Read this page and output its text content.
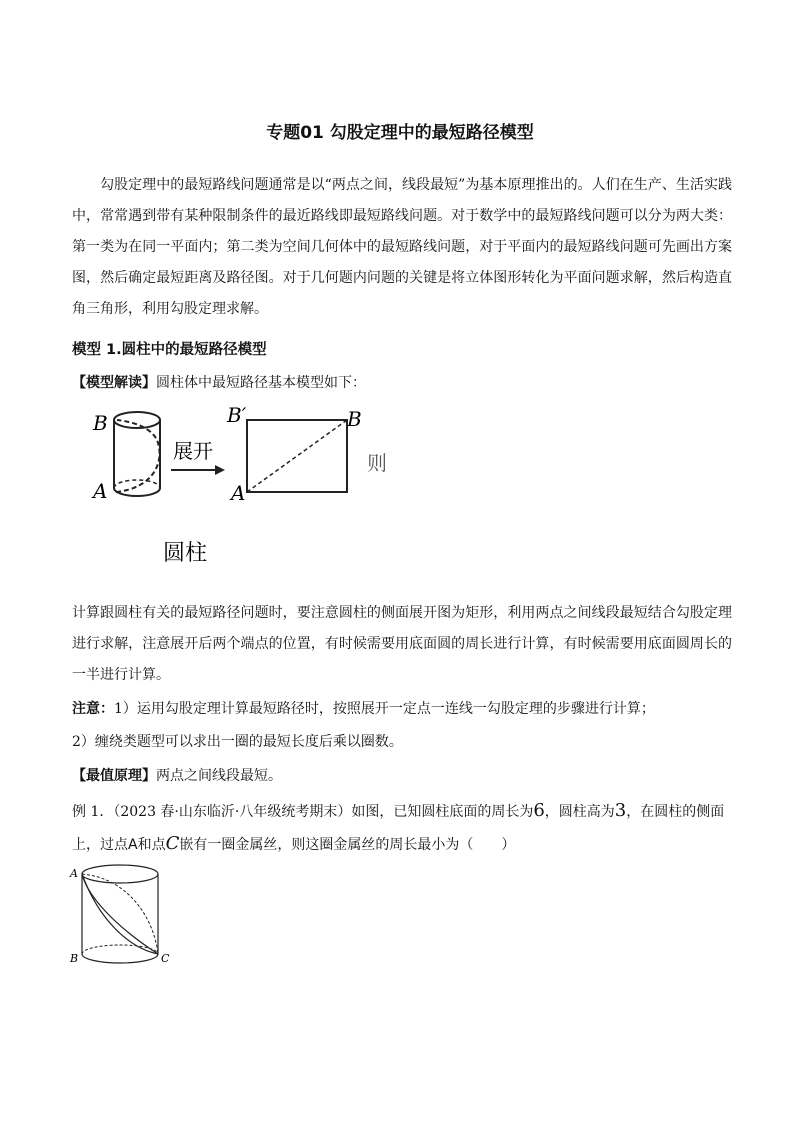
专题01 勾股定理中的最短路径模型
　　勾股定理中的最短路线问题通常是以“两点之间，线段最短”为基本原理推出的。人们在生产、生活实践中，常常遇到带有某种限制条件的最近路线即最短路线问题。对于数学中的最短路线问题可以分为两大类：第一类为在同一平面内；第二类为空间几何体中的最短路线问题，对于平面内的最短路线问题可先画出方案图，然后确定最短距离及路径图。对于几何题内问题的关键是将立体图形转化为平面问题求解，然后构造直角三角形，利用勾股定理求解。
模型 1.圆柱中的最短路径模型
【模型解读】圆柱体中最短路径基本模型如下：
B
A
展开
B′
A
B
则
圆柱
计算跟圆柱有关的最短路径问题时，要注意圆柱的侧面展开图为矩形，利用两点之间线段最短结合勾股定理进行求解，注意展开后两个端点的位置，有时候需要用底面圆的周长进行计算，有时候需要用底面圆周长的一半进行计算。
注意：1）运用勾股定理计算最短路径时，按照展开一定点一连线一勾股定理的步骤进行计算；
2）缠绕类题型可以求出一圈的最短长度后乘以圈数。
【最值原理】两点之间线段最短。
例 1．（2023 春·山东临沂·八年级统考期末）如图，已知圆柱底面的周长为6，圆柱高为3，在圆柱的侧面
上，过点A和点C嵌有一圈金属丝，则这圈金属丝的周长最小为（　　）
A
B	C
